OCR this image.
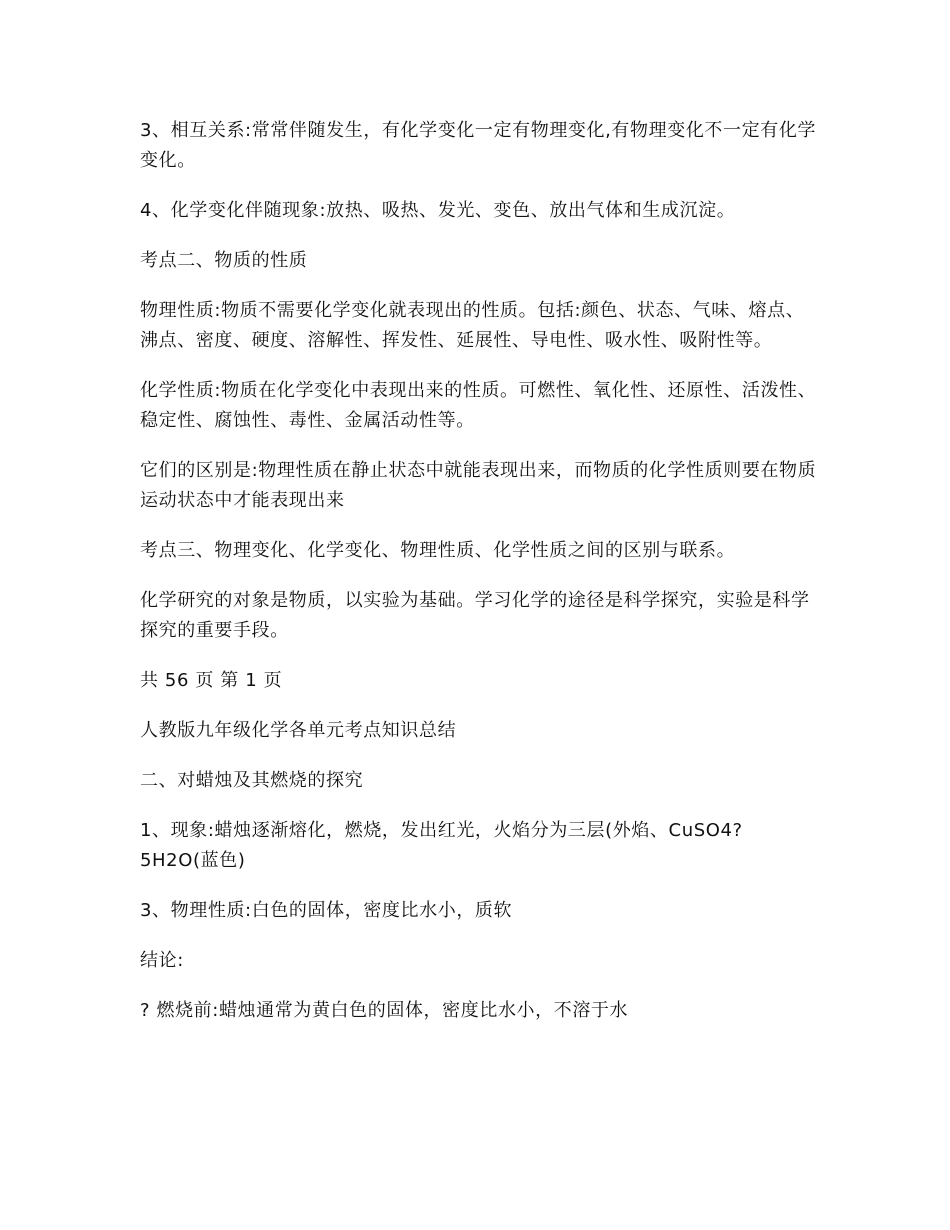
3、相互关系:常常伴随发生，有化学变化一定有物理变化,有物理变化不一定有化学变化。

4、化学变化伴随现象:放热、吸热、发光、变色、放出气体和生成沉淀。

考点二、物质的性质

物理性质:物质不需要化学变化就表现出的性质。包括:颜色、状态、气味、熔点、沸点、密度、硬度、溶解性、挥发性、延展性、导电性、吸水性、吸附性等。

化学性质:物质在化学变化中表现出来的性质。可燃性、氧化性、还原性、活泼性、稳定性、腐蚀性、毒性、金属活动性等。

它们的区别是:物理性质在静止状态中就能表现出来，而物质的化学性质则要在物质运动状态中才能表现出来

考点三、物理变化、化学变化、物理性质、化学性质之间的区别与联系。

化学研究的对象是物质，以实验为基础。学习化学的途径是科学探究，实验是科学探究的重要手段。

共 56 页 第 1 页

人教版九年级化学各单元考点知识总结

二、对蜡烛及其燃烧的探究

1、现象:蜡烛逐渐熔化，燃烧，发出红光，火焰分为三层(外焰、CuSO4?5H2O(蓝色)

3、物理性质:白色的固体，密度比水小，质软

结论:

? 燃烧前:蜡烛通常为黄白色的固体，密度比水小，不溶于水
